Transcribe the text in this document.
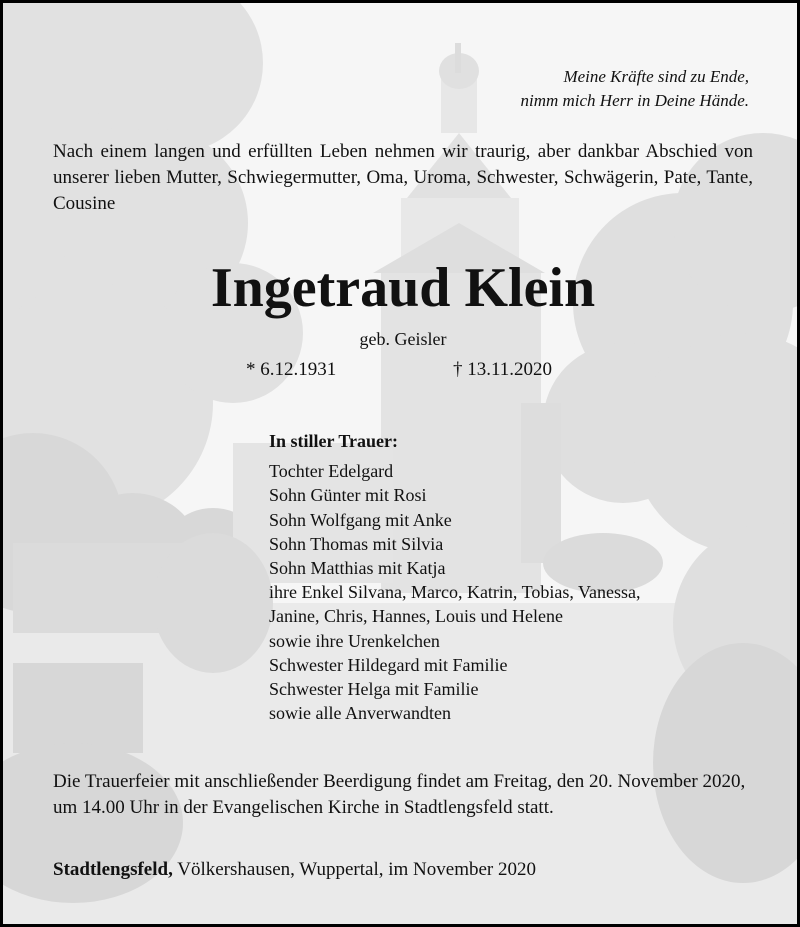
Meine Kräfte sind zu Ende,
nimm mich Herr in Deine Hände.
Nach einem langen und erfüllten Leben nehmen wir traurig, aber dankbar Abschied von unserer lieben Mutter, Schwiegermutter, Oma, Uroma, Schwester, Schwägerin, Pate, Tante, Cousine
Ingetraud Klein
geb. Geisler
* 6.12.1931	† 13.11.2020
In stiller Trauer:
Tochter Edelgard
Sohn Günter mit Rosi
Sohn Wolfgang mit Anke
Sohn Thomas mit Silvia
Sohn Matthias mit Katja
ihre Enkel Silvana, Marco, Katrin, Tobias, Vanessa,
Janine, Chris, Hannes, Louis und Helene
sowie ihre Urenkelchen
Schwester Hildegard mit Familie
Schwester Helga mit Familie
sowie alle Anverwandten
Die Trauerfeier mit anschließender Beerdigung findet am Freitag, den 20. November 2020, um 14.00 Uhr in der Evangelischen Kirche in Stadtlengsfeld statt.
Stadtlengsfeld, Völkershausen, Wuppertal, im November 2020
